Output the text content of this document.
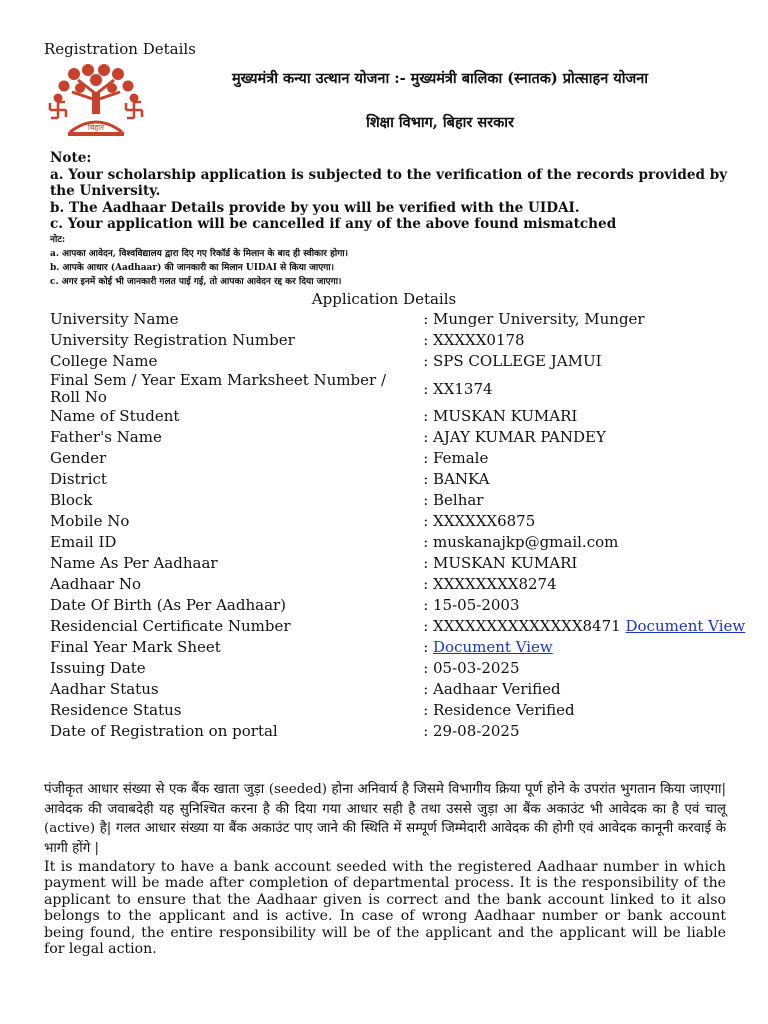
Registration Details
बिहार
मुख्यमंत्री कन्या उत्थान योजना :- मुख्यमंत्री बालिका (स्नातक) प्रोत्साहन योजना
शिक्षा विभाग, बिहार सरकार
Note:
a. Your scholarship application is subjected to the verification of the records provided by the University.
b. The Aadhaar Details provide by you will be verified with the UIDAI.
c. Your application will be cancelled if any of the above found mismatched
नोट:
a. आपका आवेदन, विश्वविद्यालय द्वारा दिए गए रिकॉर्ड के मिलान के बाद ही स्वीकार होगा।
b. आपके आधार (Aadhaar) की जानकारी का मिलान UIDAI से किया जाएगा।
c. अगर इनमें कोई भी जानकारी गलत पाई गई, तो आपका आवेदन रद्द कर दिया जाएगा।
Application Details
University Name	: Munger University, Munger
University Registration Number	: XXXXX0178
College Name	: SPS COLLEGE JAMUI
Final Sem / Year Exam Marksheet Number / Roll No	: XX1374
Name of Student	: MUSKAN KUMARI
Father's Name	: AJAY KUMAR PANDEY
Gender	: Female
District	: BANKA
Block	: Belhar
Mobile No	: XXXXXX6875
Email ID	: muskanajkp@gmail.com
Name As Per Aadhaar	: MUSKAN KUMARI
Aadhaar No	: XXXXXXXX8274
Date Of Birth (As Per Aadhaar)	: 15-05-2003
Residencial Certificate Number	: XXXXXXXXXXXXXX8471 Document View
Final Year Mark Sheet	: Document View
Issuing Date	: 05-03-2025
Aadhar Status	: Aadhaar Verified
Residence Status	: Residence Verified
Date of Registration on portal	: 29-08-2025
पंजीकृत आधार संख्या से एक बैंक खाता जुड़ा (seeded) होना अनिवार्य है जिसमे विभागीय क्रिया पूर्ण होने के उपरांत भुगतान किया जाएगा| आवेदक की जवाबदेही यह सुनिश्चित करना है की दिया गया आधार सही है तथा उससे जुड़ा आ बैंक अकाउंट भी आवेदक का है एवं चालू (active) है| गलत आधार संख्या या बैंक अकाउंट पाए जाने की स्थिति में सम्पूर्ण जिम्मेदारी आवेदक की होगी एवं आवेदक कानूनी करवाई के भागी होंगे |
It is mandatory to have a bank account seeded with the registered Aadhaar number in which payment will be made after completion of departmental process. It is the responsibility of the applicant to ensure that the Aadhaar given is correct and the bank account linked to it also belongs to the applicant and is active. In case of wrong Aadhaar number or bank account being found, the entire responsibility will be of the applicant and the applicant will be liable for legal action.
